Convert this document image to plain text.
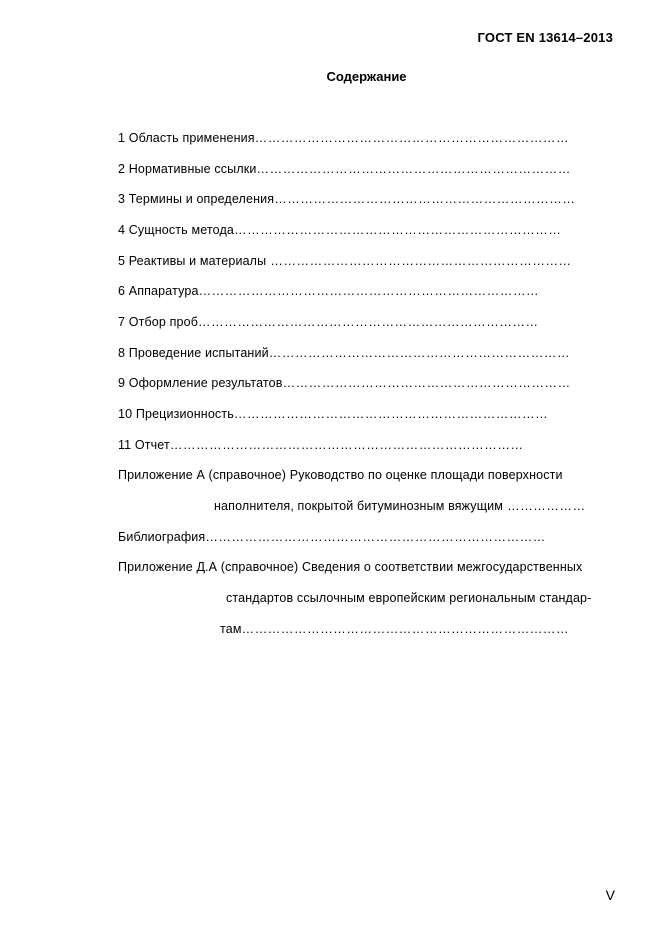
ГОСТ EN 13614–2013
Содержание
1 Область применения………………………………………………………………
2 Нормативные ссылки………………………………………………………………
3 Термины и определения……………………………………………………………
4 Сущность метода…………………………………………………………………
5 Реактивы и материалы ……………………………………………………………
6 Аппаратура……………………………………………………………………
7 Отбор проб……………………………………………………………………
8 Проведение испытаний……………………………………………………………
9 Оформление результатов…………………………………………………………
10 Прецизионность………………………………………………………………
11 Отчет………………………………………………………………………
Приложение А (справочное) Руководство по оценке площади поверхности
наполнителя, покрытой битуминозным вяжущим ………………
Библиография……………………………………………………………………
Приложение Д.А (справочное) Сведения о соответствии межгосударственных
стандартов ссылочным европейским региональным стандар-
там…………………………………………………………………
V
